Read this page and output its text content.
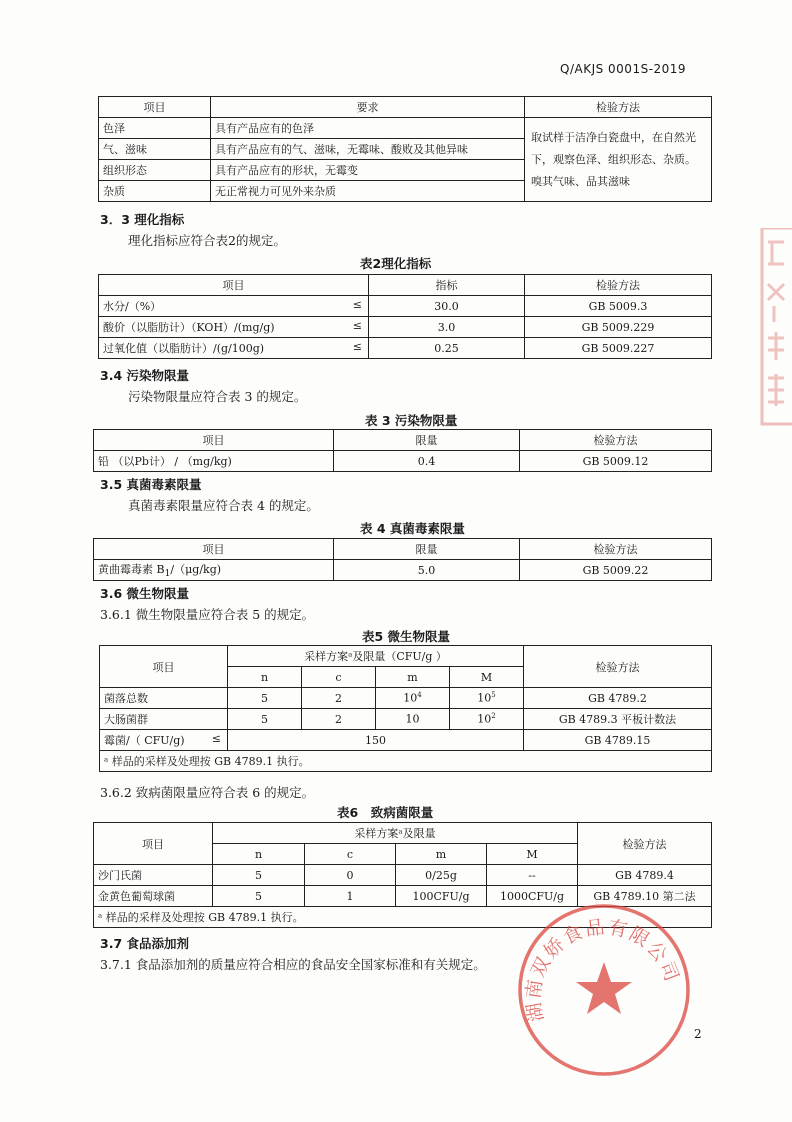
Q/AKJS 0001S-2019
项目	要求	检验方法
色泽	具有产品应有的色泽	取试样于洁净白瓷盘中，在自然光下，观察色泽、组织形态、杂质。嗅其气味、品其滋味
气、滋味	具有产品应有的气、滋味，无霉味、酸败及其他异味	
组织形态	具有产品应有的形状，无霉变	
杂质	无正常视力可见外来杂质	
3．3 理化指标
理化指标应符合表2的规定。
表2理化指标
项目	指标	检验方法
水分/（%） ≤	30.0	GB 5009.3
酸价（以脂肪计）（KOH）/(mg/g) ≤	3.0	GB 5009.229
过氧化值（以脂肪计）/(g/100g) ≤	0.25	GB 5009.227
3.4 污染物限量
污染物限量应符合表 3 的规定。
表 3 污染物限量
项目	限量	检验方法
铅 （以Pb计） / （mg/kg)	0.4	GB 5009.12
3.5 真菌毒素限量
真菌毒素限量应符合表 4 的规定。
表 4 真菌毒素限量
项目	限量	检验方法
黄曲霉毒素 $B_1/(\mu g/kg)$	5.0	GB 5009.22
3.6 微生物限量
3.6.1 微生物限量应符合表 5 的规定。
表5 微生物限量
项目	采样方案ᵃ及限量（CFU/g ）				检验方法
	n	c	m	M	
菌落总数	5	2	$10^4$	$10^5$	GB 4789.2
大肠菌群	5	2	10	$10^2$	GB 4789.3 平板计数法
霉菌/（ CFU/g) ≤	150				GB 4789.15
ᵃ 样品的采样及处理按 GB 4789.1 执行。					
3.6.2 致病菌限量应符合表 6 的规定。
表6　致病菌限量
项目	采样方案ᵃ及限量				检验方法
	n	c	m	M	
沙门氏菌	5	0	0/25g	--	GB 4789.4
金黄色葡萄球菌	5	1	100CFU/g	1000CFU/g	GB 4789.10 第二法
ᵃ 样品的采样及处理按 GB 4789.1 执行。					
3.7 食品添加剂
3.7.1 食品添加剂的质量应符合相应的食品安全国家标准和有关规定。
湖南双娇食品有限公司
2
